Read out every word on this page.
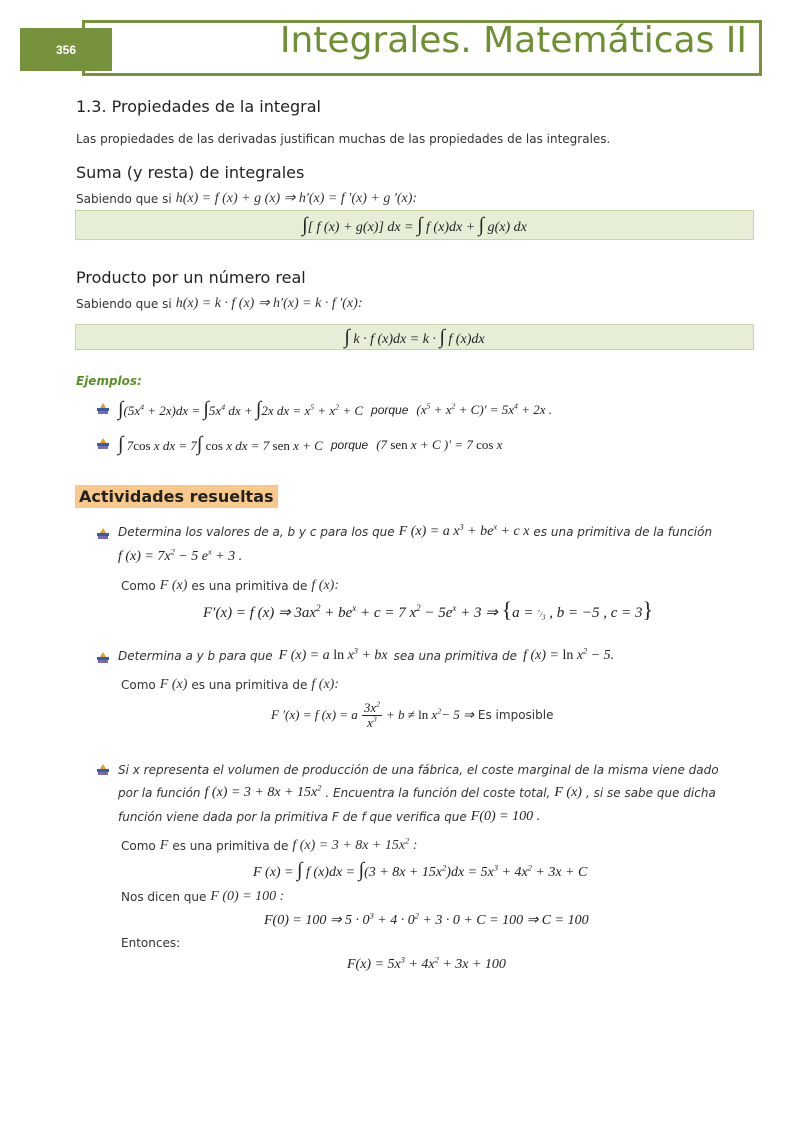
356	Integrales. Matemáticas II
1.3. Propiedades de la integral
Las propiedades de las derivadas justifican muchas de las propiedades de las integrales.
Suma (y resta) de integrales
Sabiendo que si h(x) = f (x) + g (x) ⇒ h′(x) = f ′(x) + g ′(x):
∫[ f (x) + g(x)] dx = ∫ f (x)dx + ∫ g(x) dx
Producto por un número real
Sabiendo que si h(x) = k · f (x) ⇒ h′(x) = k · f ′(x):
∫ k · f (x)dx = k · ∫ f (x)dx
Ejemplos:
$\int(5x^4 + 2x)dx = \int 5x^4$ dx + ∫2x dx = $x^5 + x^2 + C$ porque $(x^5 + x^2 + C)' = 5x^4 + 2x$ .
∫ 7cos x dx = 7∫ cos x dx = 7 sen x + C porque (7 sen x + C )′ = 7 cos x
Actividades resueltas
Determina los valores de a, b y c para los que F (x) = a $x^3 + be^x + c$ x es una primitiva de la función
f $(x) = 7x^2 - 5$ $e^x + 3$ .
Como F (x) es una primitiva de f (x):
F′(x) = f (x) ⇒ $3ax^2 + be^x + c = 7$ $x^2 - 5e^x + 3$ ⇒ {$a = ^7/_3$ , b = −5 , c = 3}
Determina a y b para que F (x) = a $\ln x^3$ + bx sea una primitiva de f $(x) = \ln x^2 - 5$.
Como F (x) es una primitiva de f (x):
F ′(x) = f (x) = a $3x^2$
$x^3 + b \ne \ln x^2- 5$ ⇒ Es imposible
Si x representa el volumen de producción de una fábrica, el coste marginal de la misma viene dado
por la función f $(x) = 3 + 8x + 15x^2$ . Encuentra la función del coste total, F (x) , si se sabe que dicha
función viene dada por la primitiva F de f que verifica que F(0) = 100 .
Como F es una primitiva de f $(x) = 3 + 8x + 15x^2$ :
F (x) = ∫ f $(x)dx = \int(3 + 8x + 15x^2)dx = 5x^3 + 4x^2 + 3x + C$
Nos dicen que F (0) = 100 :
F(0) = 100 ⇒ $5 \cdot 0^3 + 4 \cdot 0^2 + 3 \cdot 0 + C = 100$ ⇒ C = 100
Entonces:
$F(x) = 5x^3 + 4x^2 + 3x + 100$
